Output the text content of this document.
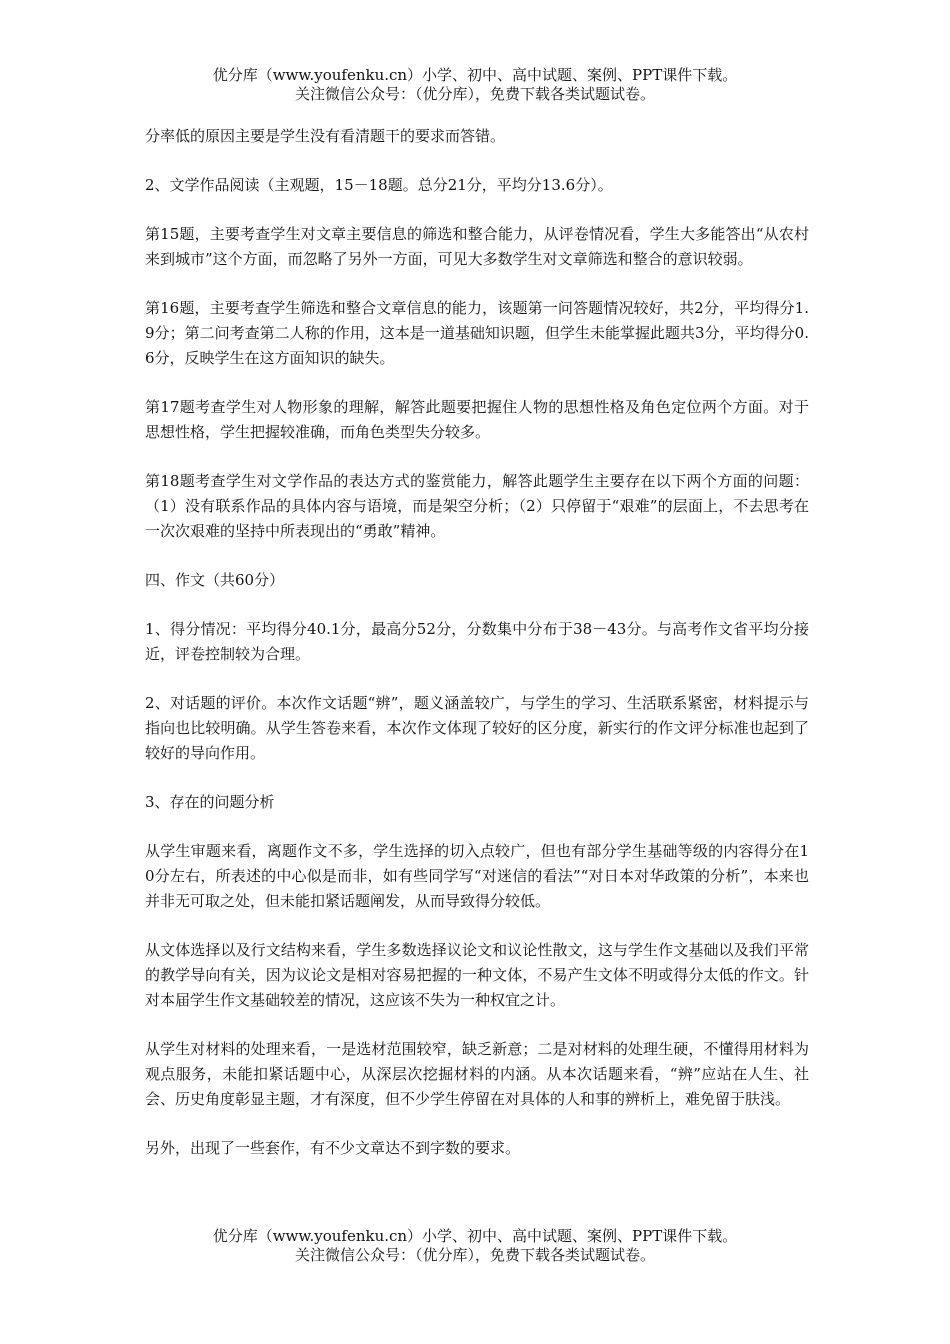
优分库（www.youfenku.cn）小学、初中、高中试题、案例、PPT课件下载。
关注微信公众号：（优分库），免费下载各类试题试卷。

分率低的原因主要是学生没有看清题干的要求而答错。

2、文学作品阅读（主观题，15－18题。总分21分，平均分13.6分）。

第15题，主要考查学生对文章主要信息的筛选和整合能力，从评卷情况看，学生大多能答出“从农村来到城市”这个方面，而忽略了另外一方面，可见大多数学生对文章筛选和整合的意识较弱。

第16题，主要考查学生筛选和整合文章信息的能力，该题第一问答题情况较好，共2分，平均得分1.9分；第二问考查第二人称的作用，这本是一道基础知识题，但学生未能掌握此题共3分，平均得分0.6分，反映学生在这方面知识的缺失。

第17题考查学生对人物形象的理解，解答此题要把握住人物的思想性格及角色定位两个方面。对于思想性格，学生把握较准确，而角色类型失分较多。

第18题考查学生对文学作品的表达方式的鉴赏能力，解答此题学生主要存在以下两个方面的问题：（1）没有联系作品的具体内容与语境，而是架空分析；（2）只停留于“艰难”的层面上，不去思考在一次次艰难的坚持中所表现出的“勇敢”精神。

四、作文（共60分）

1、得分情况：平均得分40.1分，最高分52分，分数集中分布于38－43分。与高考作文省平均分接近，评卷控制较为合理。

2、对话题的评价。本次作文话题“辨”，题义涵盖较广，与学生的学习、生活联系紧密，材料提示与指向也比较明确。从学生答卷来看，本次作文体现了较好的区分度，新实行的作文评分标准也起到了较好的导向作用。

3、存在的问题分析

从学生审题来看，离题作文不多，学生选择的切入点较广，但也有部分学生基础等级的内容得分在10分左右，所表述的中心似是而非，如有些同学写“对迷信的看法”“对日本对华政策的分析”，本来也并非无可取之处，但未能扣紧话题阐发，从而导致得分较低。

从文体选择以及行文结构来看，学生多数选择议论文和议论性散文，这与学生作文基础以及我们平常的教学导向有关，因为议论文是相对容易把握的一种文体，不易产生文体不明或得分太低的作文。针对本届学生作文基础较差的情况，这应该不失为一种权宜之计。

从学生对材料的处理来看，一是选材范围较窄，缺乏新意；二是对材料的处理生硬，不懂得用材料为观点服务，未能扣紧话题中心，从深层次挖掘材料的内涵。从本次话题来看，“辨”应站在人生、社会、历史角度彰显主题，才有深度，但不少学生停留在对具体的人和事的辨析上，难免留于肤浅。

另外，出现了一些套作，有不少文章达不到字数的要求。

优分库（www.youfenku.cn）小学、初中、高中试题、案例、PPT课件下载。
关注微信公众号：（优分库），免费下载各类试题试卷。
